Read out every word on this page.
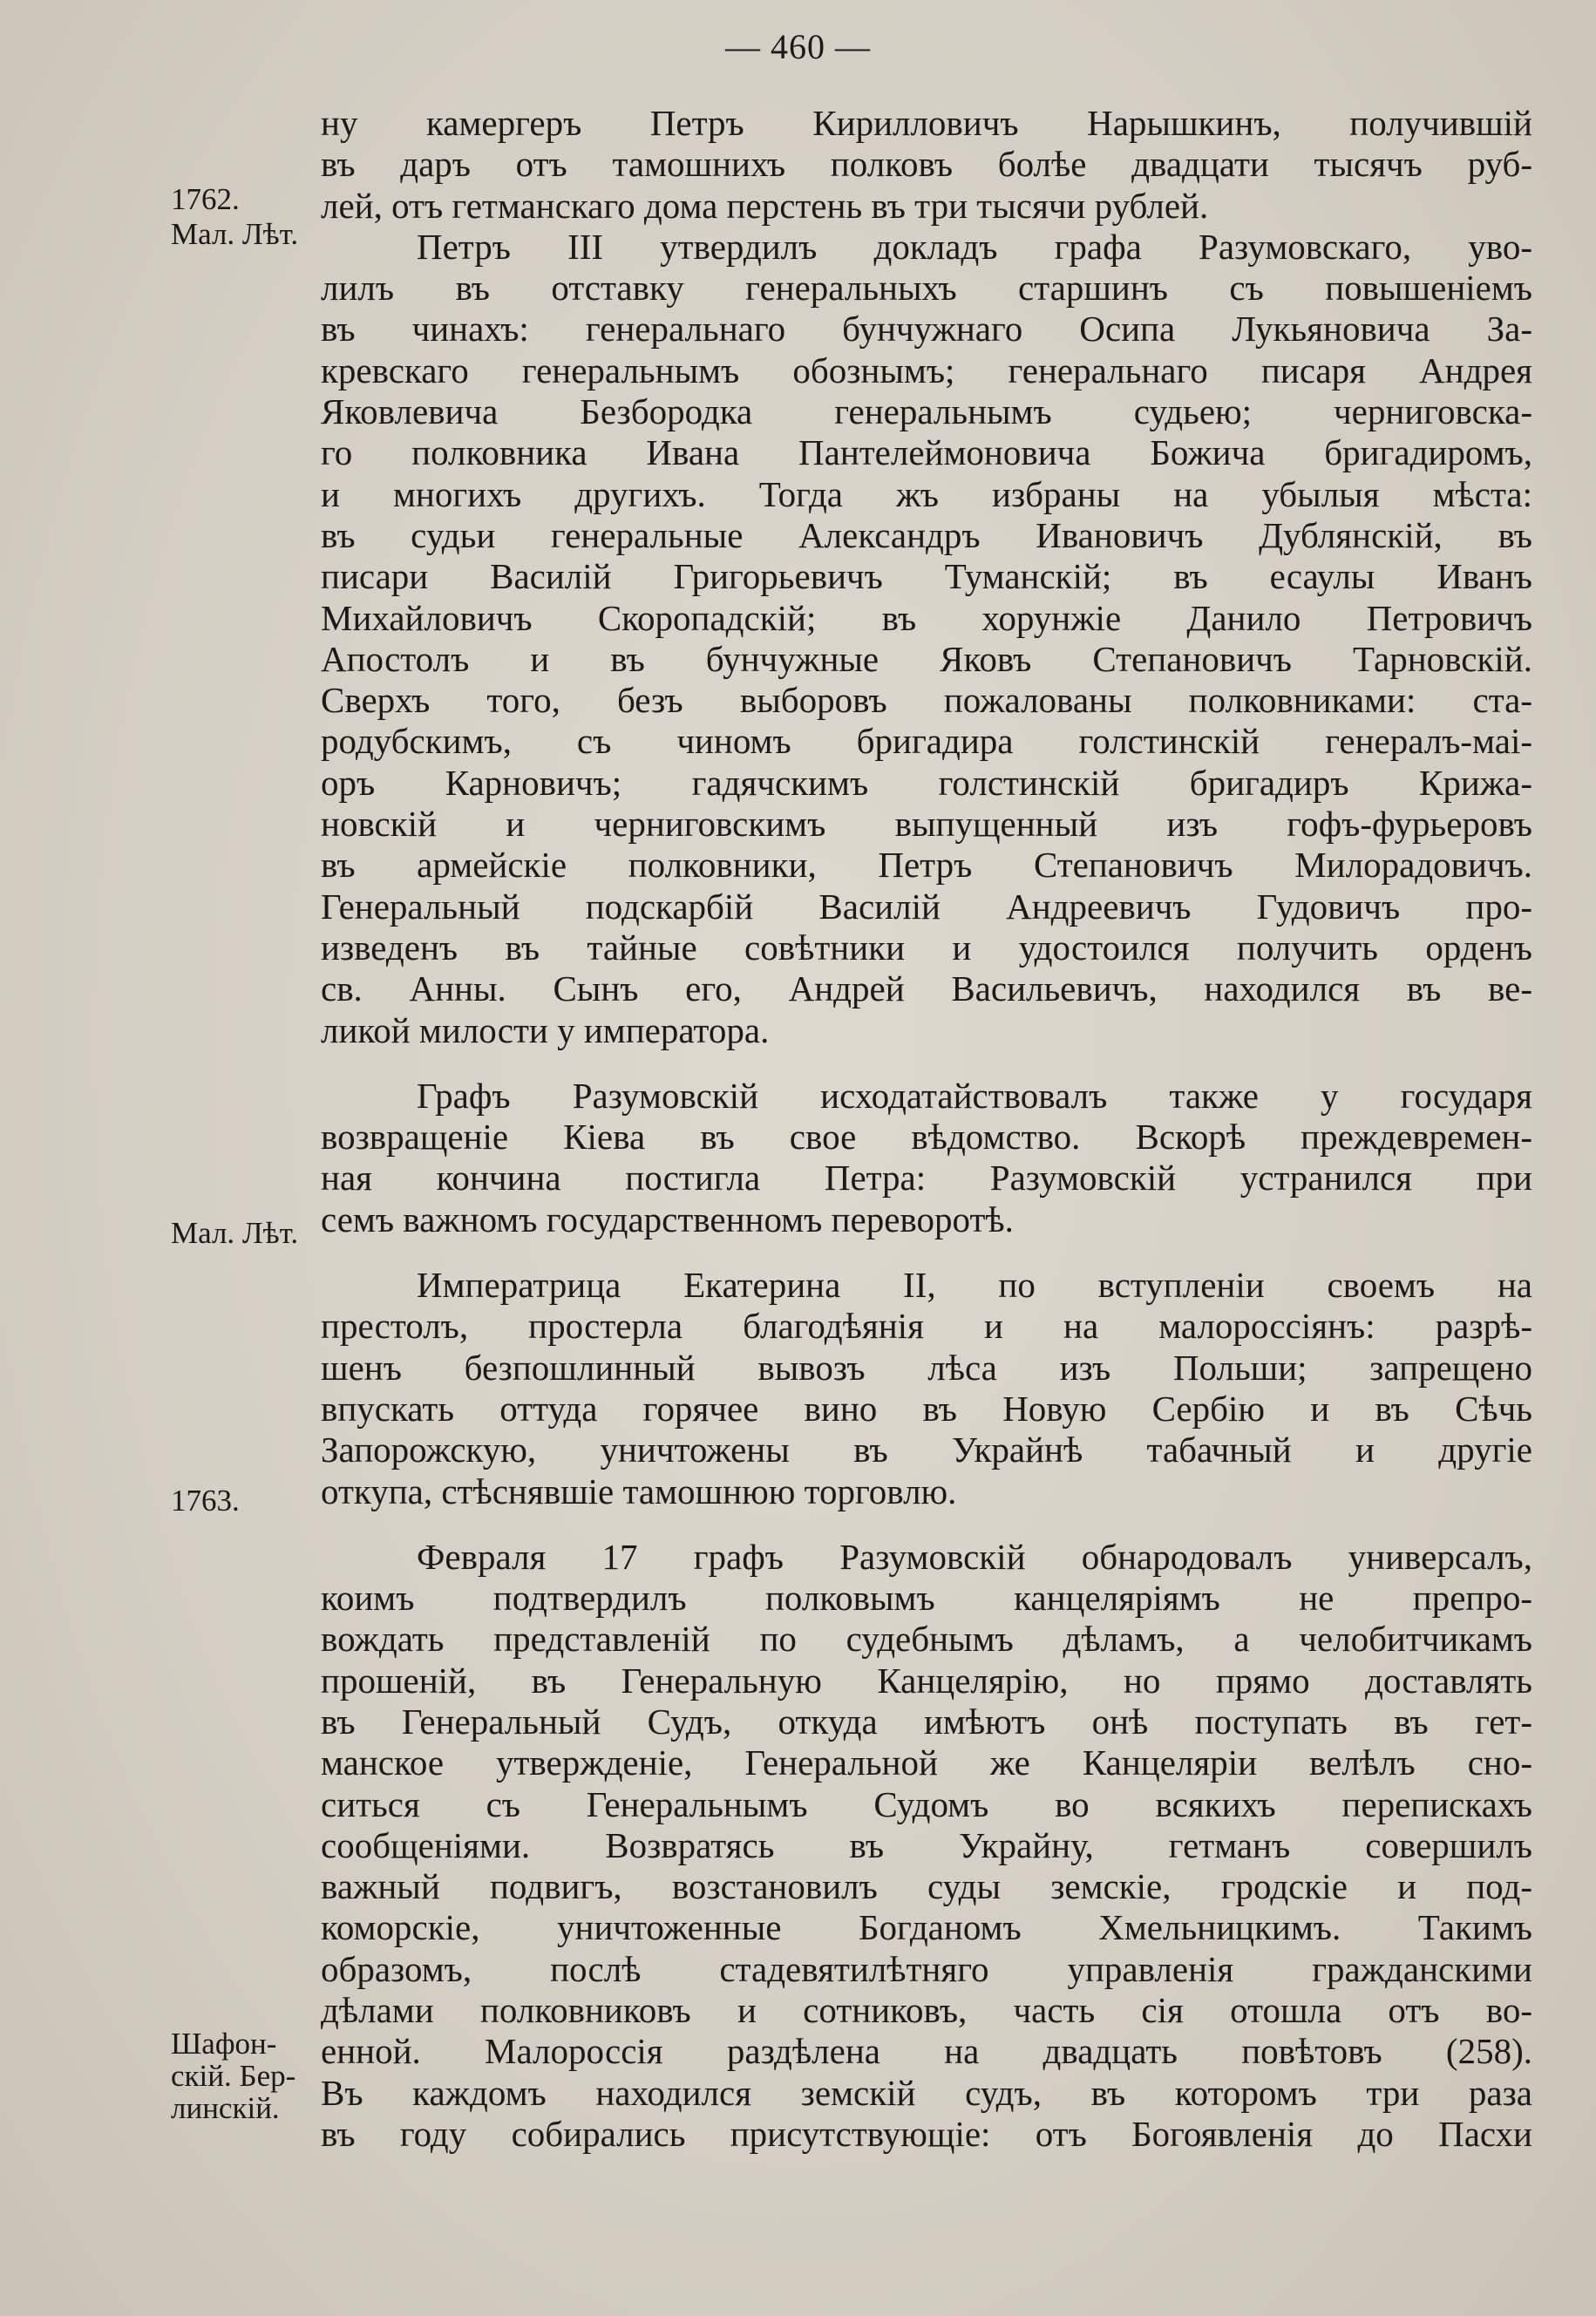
— 460 —
1762.
Мал. Лѣт.
Мал. Лѣт.
1763.
Шафон-
скій. Бер-
линскій.
ну камергеръ Петръ Кирилловичъ Нарышкинъ, получившій
въ даръ отъ тамошнихъ полковъ болѣе двадцати тысячъ руб-
лей, отъ гетманскаго дома перстень въ три тысячи рублей.
Петръ III утвердилъ докладъ графа Разумовскаго, уво-
лилъ въ отставку генеральныхъ старшинъ съ повышеніемъ
въ чинахъ: генеральнаго бунчужнаго Осипа Лукьяновича За-
кревскаго генеральнымъ обознымъ; генеральнаго писаря Андрея
Яковлевича Безбородка генеральнымъ судьею; черниговска-
го полковника Ивана Пантелеймоновича Божича бригадиромъ,
и многихъ другихъ. Тогда жъ избраны на убылыя мѣста:
въ судьи генеральные Александръ Ивановичъ Дублянскій, въ
писари Василій Григорьевичъ Туманскій; въ есаулы Иванъ
Михайловичъ Скоропадскій; въ хорунжіе Данило Петровичъ
Апостолъ и въ бунчужные Яковъ Степановичъ Тарновскій.
Сверхъ того, безъ выборовъ пожалованы полковниками: ста-
родубскимъ, съ чиномъ бригадира голстинскій генералъ-маі-
оръ Карновичъ; гадячскимъ голстинскій бригадиръ Крижа-
новскій и черниговскимъ выпущенный изъ гофъ-фурьеровъ
въ армейскіе полковники, Петръ Степановичъ Милорадовичъ.
Генеральный подскарбій Василій Андреевичъ Гудовичъ про-
изведенъ въ тайные совѣтники и удостоился получить орденъ
св. Анны. Сынъ его, Андрей Васильевичъ, находился въ ве-
ликой милости у императора.
Графъ Разумовскій исходатайствовалъ также у государя
возвращеніе Кіева въ свое вѣдомство. Вскорѣ преждевремен-
ная кончина постигла Петра: Разумовскій устранился при
семъ важномъ государственномъ переворотѣ.
Императрица Екатерина II, по вступленіи своемъ на
престолъ, простерла благодѣянія и на малороссіянъ: разрѣ-
шенъ безпошлинный вывозъ лѣса изъ Польши; запрещено
впускать оттуда горячее вино въ Новую Сербію и въ Сѣчь
Запорожскую, уничтожены въ Украйнѣ табачный и другіе
откупа, стѣснявшіе тамошнюю торговлю.
Февраля 17 графъ Разумовскій обнародовалъ универсалъ,
коимъ подтвердилъ полковымъ канцеляріямъ не препро-
вождать представленій по судебнымъ дѣламъ, а челобитчикамъ
прошеній, въ Генеральную Канцелярію, но прямо доставлять
въ Генеральный Судъ, откуда имѣютъ онѣ поступать въ гет-
манское утвержденіе, Генеральной же Канцеляріи велѣлъ сно-
ситься съ Генеральнымъ Судомъ во всякихъ перепискахъ
сообщеніями. Возвратясь въ Украйну, гетманъ совершилъ
важный подвигъ, возстановилъ суды земскіе, гродскіе и под-
коморскіе, уничтоженные Богданомъ Хмельницкимъ. Такимъ
образомъ, послѣ стадевятилѣтняго управленія гражданскими
дѣлами полковниковъ и сотниковъ, часть сія отошла отъ во-
енной. Малороссія раздѣлена на двадцать повѣтовъ (258).
Въ каждомъ находился земскій судъ, въ которомъ три раза
въ году собирались присутствующіе: отъ Богоявленія до Пасхи
